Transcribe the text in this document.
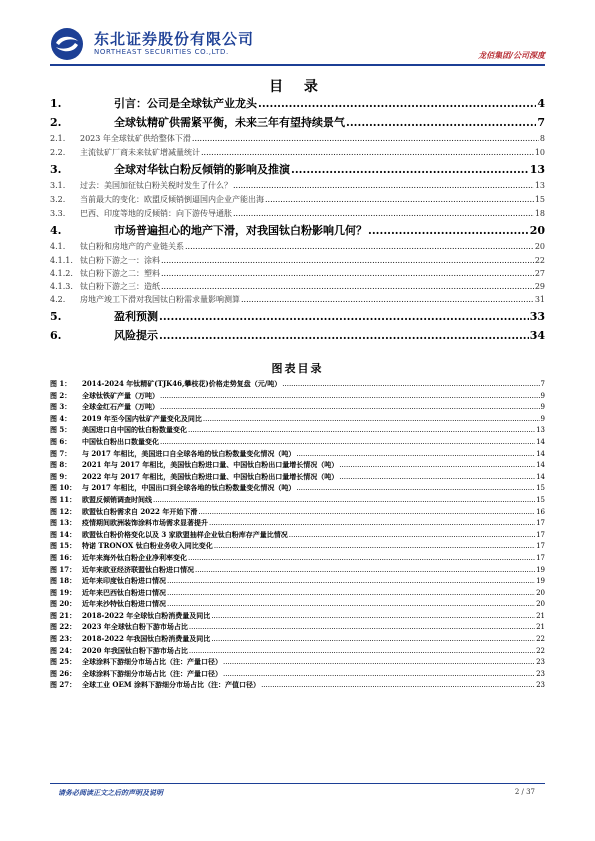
东北证券股份有限公司
NORTHEAST SECURITIES CO.,LTD.	龙佰集团/公司深度
目 录
1.	引言：公司是全球钛产业龙头 .....	4
2.	全球钛精矿供需紧平衡，未来三年有望持续景气 .....	7
2.1.	2023 年全球钛矿供给整体下滑 .....	8
2.2.	主流钛矿厂商未来钛矿增减量统计 .....	10
3.	全球对华钛白粉反倾销的影响及推演 .....	13
3.1.	过去：美国加征钛白粉关税时发生了什么？ .....	13
3.2.	当前最大的变化：欧盟反倾销倒逼国内企业产能出海 .....	15
3.3.	巴西、印度等地的反倾销：向下游传导通胀 .....	18
4.	市场普遍担心的地产下滑，对我国钛白粉影响几何？ .....	20
4.1.	钛白粉和房地产的产业链关系 .....	20
4.1.1. 钛白粉下游之一：涂料 .....	22
4.1.2. 钛白粉下游之二：塑料 .....	27
4.1.3. 钛白粉下游之三：造纸 .....	29
4.2.	房地产竣工下滑对我国钛白粉需求量影响测算 .....	31
5.	盈利预测 .....	33
6.	风险提示 .....	34
图表目录
图 1：	2014-2024 年钛精矿(TJK46,攀枝花)价格走势复盘（元/吨） .....	7
图 2：	全球钛铁矿产量（万吨） .....	9
图 3：	全球金红石产量（万吨） .....	9
图 4：	2019 年至今国内钛矿产量变化及同比 .....	9
图 5：	美国进口自中国的钛白粉数量变化 .....	13
图 6：	中国钛白粉出口数量变化 .....	14
图 7：	与 2017 年相比，美国进口自全球各地的钛白粉数量变化情况（吨） .....	14
图 8：	2021 年与 2017 年相比，美国钛白粉进口量、中国钛白粉出口量增长情况（吨） .....	14
图 9：	2022 年与 2017 年相比，美国钛白粉进口量、中国钛白粉出口量增长情况（吨） .....	14
图 10： 与 2017 年相比，中国出口到全球各地的钛白粉数量变化情况（吨） .....	15
图 11： 欧盟反倾销调查时间线 .....	15
图 12： 欧盟钛白粉需求自 2022 年开始下滑 .....	16
图 13： 疫情期间欧洲装饰涂料市场需求显著提升 .....	17
图 14： 欧盟钛白粉价格变化以及 3 家欧盟抽样企业钛白粉库存产量比情况 .....	17
图 15： 特诺 TRONOX 钛白粉业务收入同比变化 .....	17
图 16： 近年来海外钛白粉企业净利率变化 .....	17
图 17： 近年来欧亚经济联盟钛白粉进口情况 .....	19
图 18： 近年来印度钛白粉进口情况 .....	19
图 19： 近年来巴西钛白粉进口情况 .....	20
图 20： 近年来沙特钛白粉进口情况 .....	20
图 21： 2018-2022 年全球钛白粉消费量及同比 .....	21
图 22： 2023 年全球钛白粉下游市场占比 .....	21
图 23： 2018-2022 年我国钛白粉消费量及同比 .....	22
图 24： 2020 年我国钛白粉下游市场占比 .....	22
图 25： 全球涂料下游细分市场占比（注：产量口径） .....	23
图 26： 全球涂料下游细分市场占比（注：产量口径） .....	23
图 27： 全球工业 OEM 涂料下游细分市场占比（注：产值口径） .....	23
请务必阅读正文之后的声明及说明	2 / 37
